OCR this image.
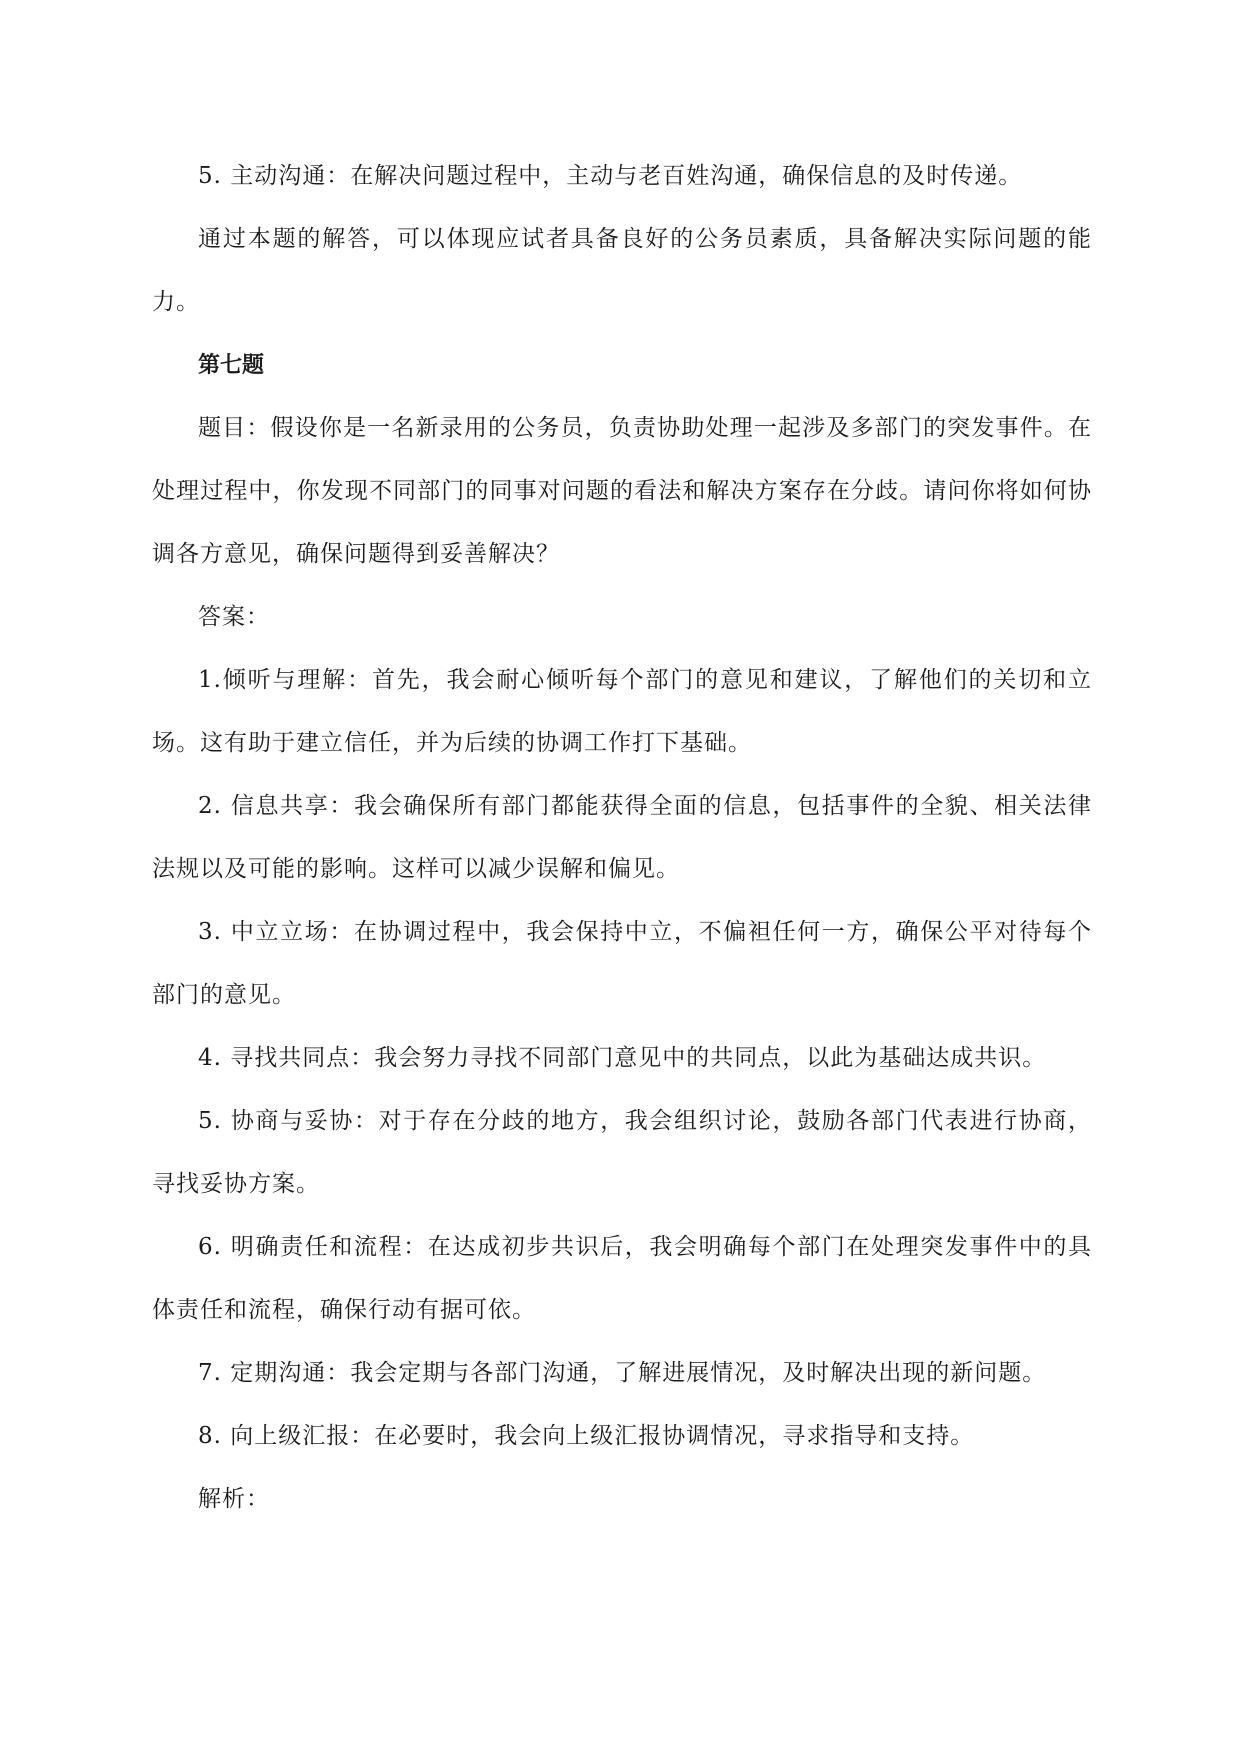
5. 主动沟通：在解决问题过程中，主动与老百姓沟通，确保信息的及时传递。

通过本题的解答，可以体现应试者具备良好的公务员素质，具备解决实际问题的能力。

第七题

题目：假设你是一名新录用的公务员，负责协助处理一起涉及多部门的突发事件。在处理过程中，你发现不同部门的同事对问题的看法和解决方案存在分歧。请问你将如何协调各方意见，确保问题得到妥善解决？

答案：

1.倾听与理解：首先，我会耐心倾听每个部门的意见和建议，了解他们的关切和立场。这有助于建立信任，并为后续的协调工作打下基础。

2. 信息共享：我会确保所有部门都能获得全面的信息，包括事件的全貌、相关法律法规以及可能的影响。这样可以减少误解和偏见。

3. 中立立场：在协调过程中，我会保持中立，不偏袒任何一方，确保公平对待每个部门的意见。

4. 寻找共同点：我会努力寻找不同部门意见中的共同点，以此为基础达成共识。

5. 协商与妥协：对于存在分歧的地方，我会组织讨论，鼓励各部门代表进行协商，寻找妥协方案。

6. 明确责任和流程：在达成初步共识后，我会明确每个部门在处理突发事件中的具体责任和流程，确保行动有据可依。

7. 定期沟通：我会定期与各部门沟通，了解进展情况，及时解决出现的新问题。

8. 向上级汇报：在必要时，我会向上级汇报协调情况，寻求指导和支持。

解析：
